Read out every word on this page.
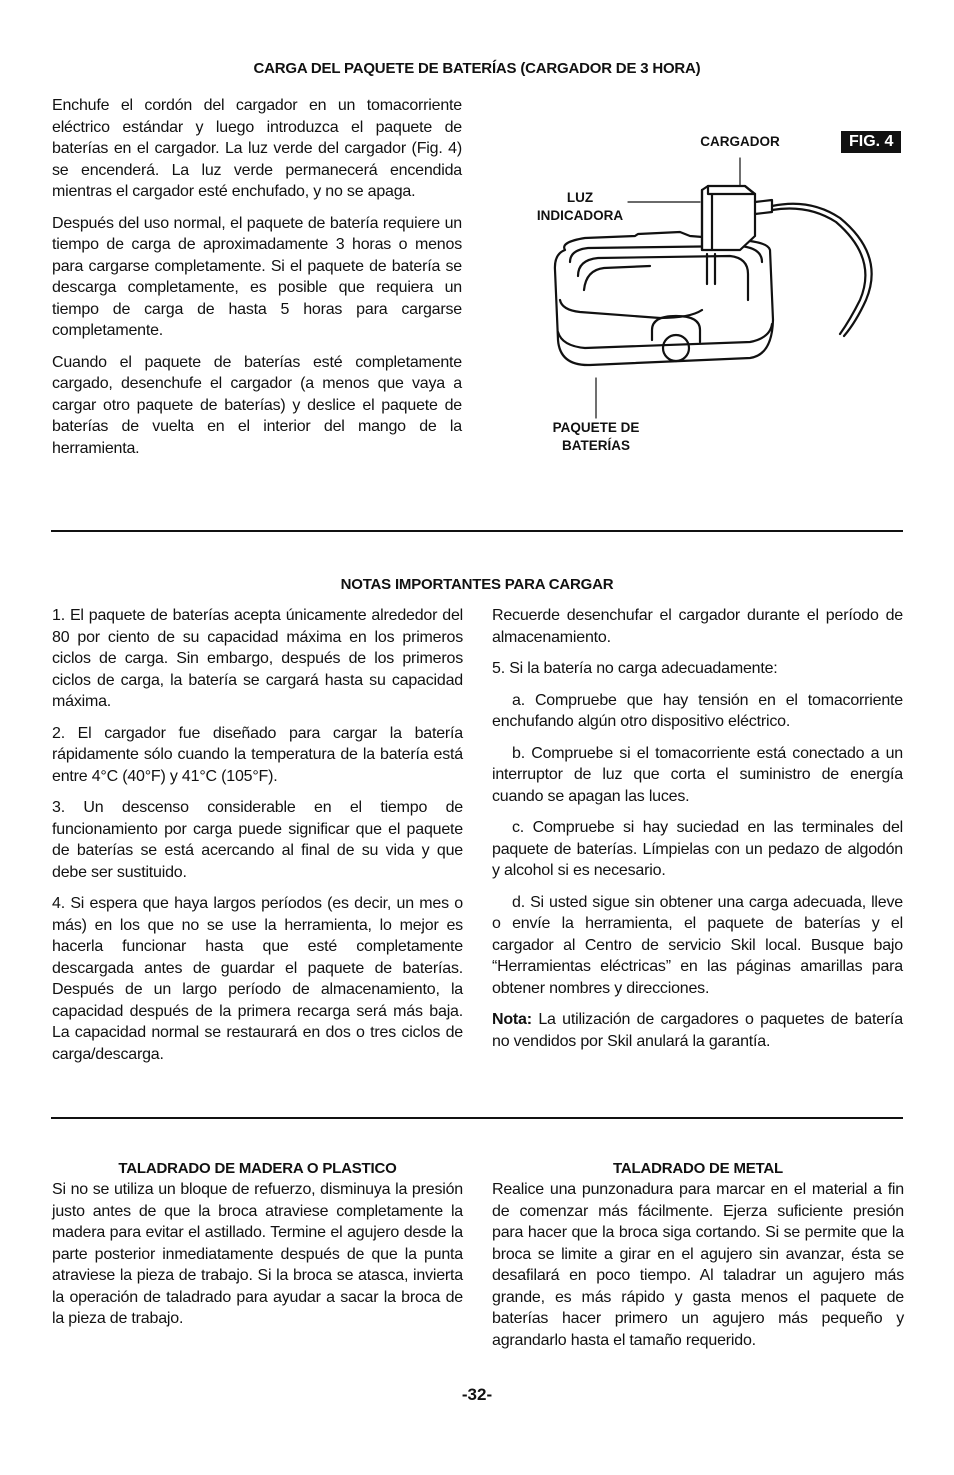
CARGA DEL PAQUETE DE BATERÍAS (CARGADOR DE 3 HORA)

Enchufe el cordón del cargador en un tomacorriente eléctrico estándar y luego introduzca el paquete de baterías en el cargador. La luz verde del cargador (Fig. 4) se encenderá. La luz verde permanecerá encendida mientras el cargador esté enchufado, y no se apaga.

Después del uso normal, el paquete de batería requiere un tiempo de carga de aproximadamente 3 horas o menos para cargarse completamente. Si el paquete de batería se descarga completamente, es posible que requiera un tiempo de carga de hasta 5 horas para cargarse completamente.

Cuando el paquete de baterías esté completamente cargado, desenchufe el cargador (a menos que vaya a cargar otro paquete de baterías) y deslice el paquete de baterías de vuelta en el interior del mango de la herramienta.

FIG. 4
CARGADOR
LUZ
INDICADORA
PAQUETE DE
BATERÍAS
NOTAS IMPORTANTES PARA CARGAR

1. El paquete de baterías acepta únicamente alrededor del 80 por ciento de su capacidad máxima en los primeros ciclos de carga. Sin embargo, después de los primeros ciclos de carga, la batería se cargará hasta su capacidad máxima.

2. El cargador fue diseñado para cargar la batería rápidamente sólo cuando la temperatura de la batería está entre 4°C (40°F) y 41°C (105°F).

3. Un descenso considerable en el tiempo de funcionamiento por carga puede significar que el paquete de baterías se está acercando al final de su vida y que debe ser sustituido.

4. Si espera que haya largos períodos (es decir, un mes o más) en los que no se use la herramienta, lo mejor es hacerla funcionar hasta que esté completamente descargada antes de guardar el paquete de baterías. Después de un largo período de almacenamiento, la capacidad después de la primera recarga será más baja. La capacidad normal se restaurará en dos o tres ciclos de carga/descarga.

Recuerde desenchufar el cargador durante el período de almacenamiento.

5. Si la batería no carga adecuadamente:

a. Compruebe que hay tensión en el tomacorriente enchufando algún otro dispositivo eléctrico.

b. Compruebe si el tomacorriente está conectado a un interruptor de luz que corta el suministro de energía cuando se apagan las luces.

c. Compruebe si hay suciedad en las terminales del paquete de baterías. Límpielas con un pedazo de algodón y alcohol si es necesario.

d. Si usted sigue sin obtener una carga adecuada, lleve o envíe la herramienta, el paquete de baterías y el cargador al Centro de servicio Skil local. Busque bajo “Herramientas eléctricas” en las páginas amarillas para obtener nombres y direcciones.

Nota: La utilización de cargadores o paquetes de batería no vendidos por Skil anulará la garantía.

TALADRADO DE MADERA O PLASTICO

Si no se utiliza un bloque de refuerzo, disminuya la presión justo antes de que la broca atraviese completamente la madera para evitar el astillado. Termine el agujero desde la parte posterior inmediatamente después de que la punta atraviese la pieza de trabajo. Si la broca se atasca, invierta la operación de taladrado para ayudar a sacar la broca de la pieza de trabajo.

TALADRADO DE METAL

Realice una punzonadura para marcar en el material a fin de comenzar más fácilmente. Ejerza suficiente presión para hacer que la broca siga cortando. Si se permite que la broca se limite a girar en el agujero sin avanzar, ésta se desafilará en poco tiempo. Al taladrar un agujero más grande, es más rápido y gasta menos el paquete de baterías hacer primero un agujero más pequeño y agrandarlo hasta el tamaño requerido.

-32-
